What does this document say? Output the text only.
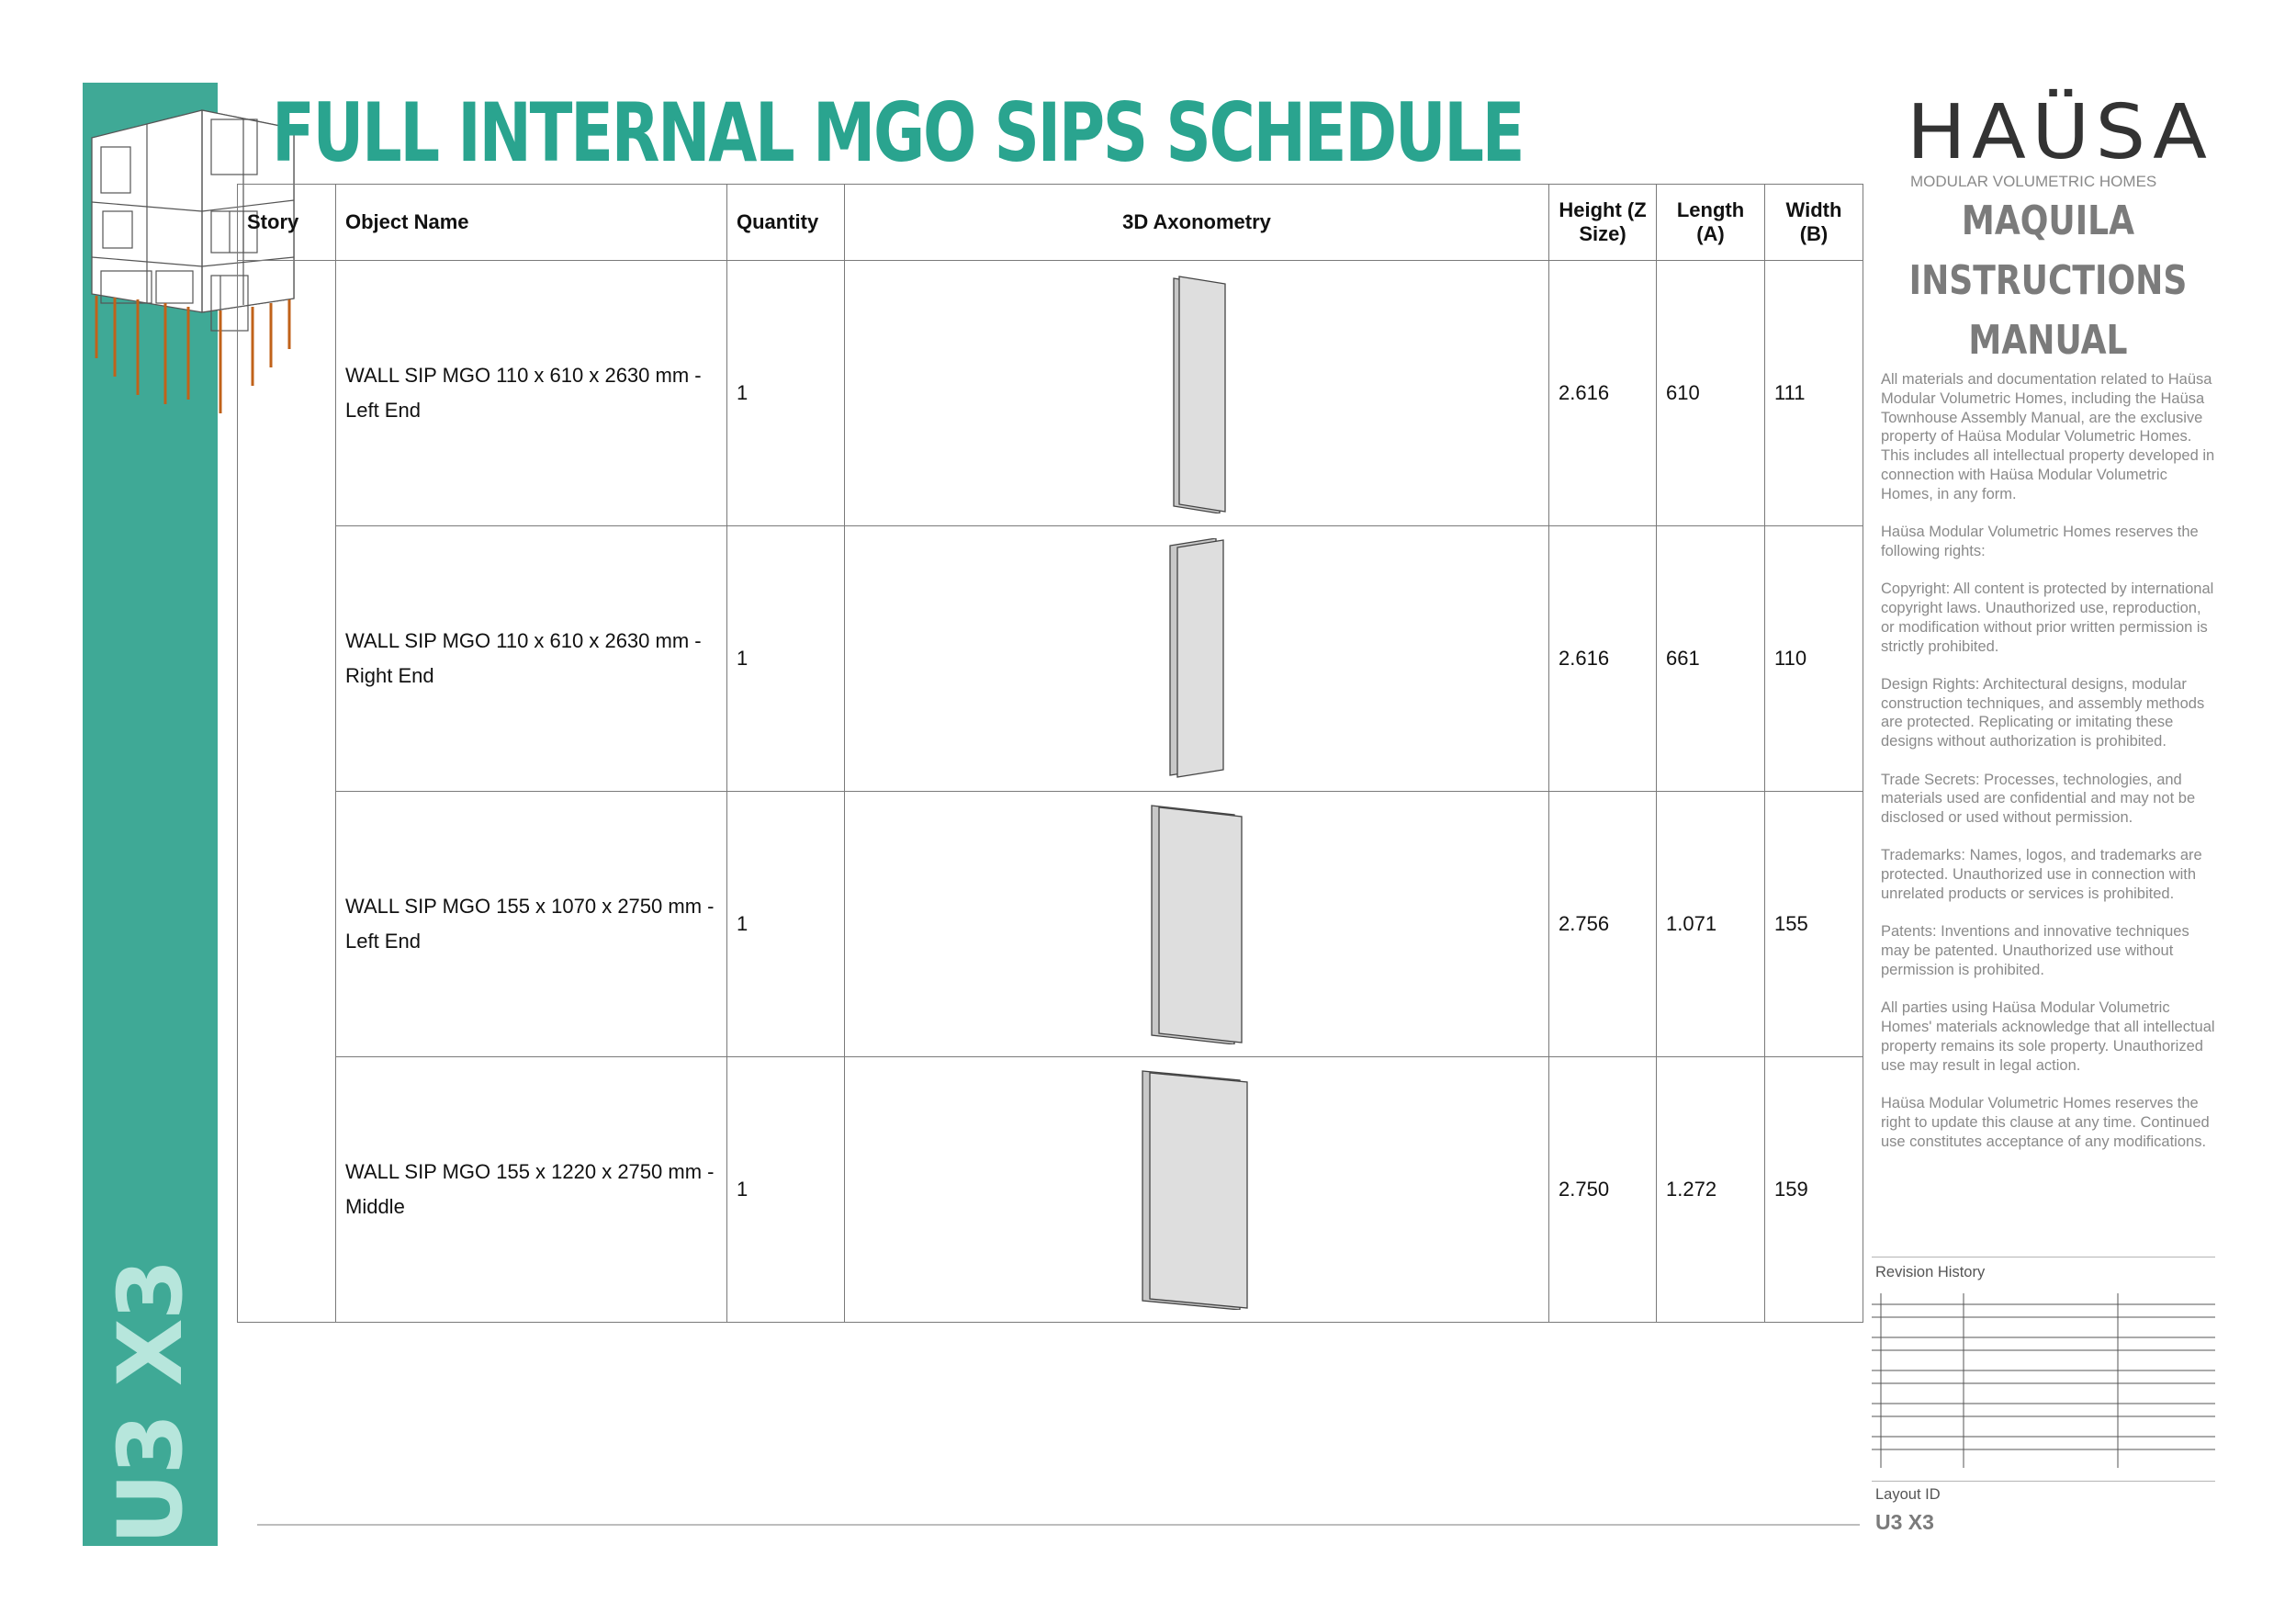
U3 X3
FULL INTERNAL MGO SIPS SCHEDULE
Story	Object Name	Quantity	3D Axonometry	Height (Z Size)	Length (A)	Width (B)
	WALL SIP MGO 110 x 610 x 2630 mm - Left End	1		2.616	610	111
	WALL SIP MGO 110 x 610 x 2630 mm - Right End	1		2.616	661	110
	WALL SIP MGO 155 x 1070 x 2750 mm - Left End	1		2.756	1.071	155
	WALL SIP MGO 155 x 1220 x 2750 mm - Middle	1		2.750	1.272	159
HAÜSA
MODULAR VOLUMETRIC HOMES
MAQUILA
INSTRUCTIONS
MANUAL

All materials and documentation related to Haüsa Modular Volumetric Homes, including the Haüsa Townhouse Assembly Manual, are the exclusive property of Haüsa Modular Volumetric Homes. This includes all intellectual property developed in connection with Haüsa Modular Volumetric Homes, in any form.

Haüsa Modular Volumetric Homes reserves the following rights:

Copyright: All content is protected by international copyright laws. Unauthorized use, reproduction, or modification without prior written permission is strictly prohibited.

Design Rights: Architectural designs, modular construction techniques, and assembly methods are protected. Replicating or imitating these designs without authorization is prohibited.

Trade Secrets: Processes, technologies, and materials used are confidential and may not be disclosed or used without permission.

Trademarks: Names, logos, and trademarks are protected. Unauthorized use in connection with unrelated products or services is prohibited.

Patents: Inventions and innovative techniques may be patented. Unauthorized use without permission is prohibited.

All parties using Haüsa Modular Volumetric Homes' materials acknowledge that all intellectual property remains its sole property. Unauthorized use may result in legal action.

Haüsa Modular Volumetric Homes reserves the right to update this clause at any time. Continued use constitutes acceptance of any modifications.

Revision History
Layout ID
U3 X3
